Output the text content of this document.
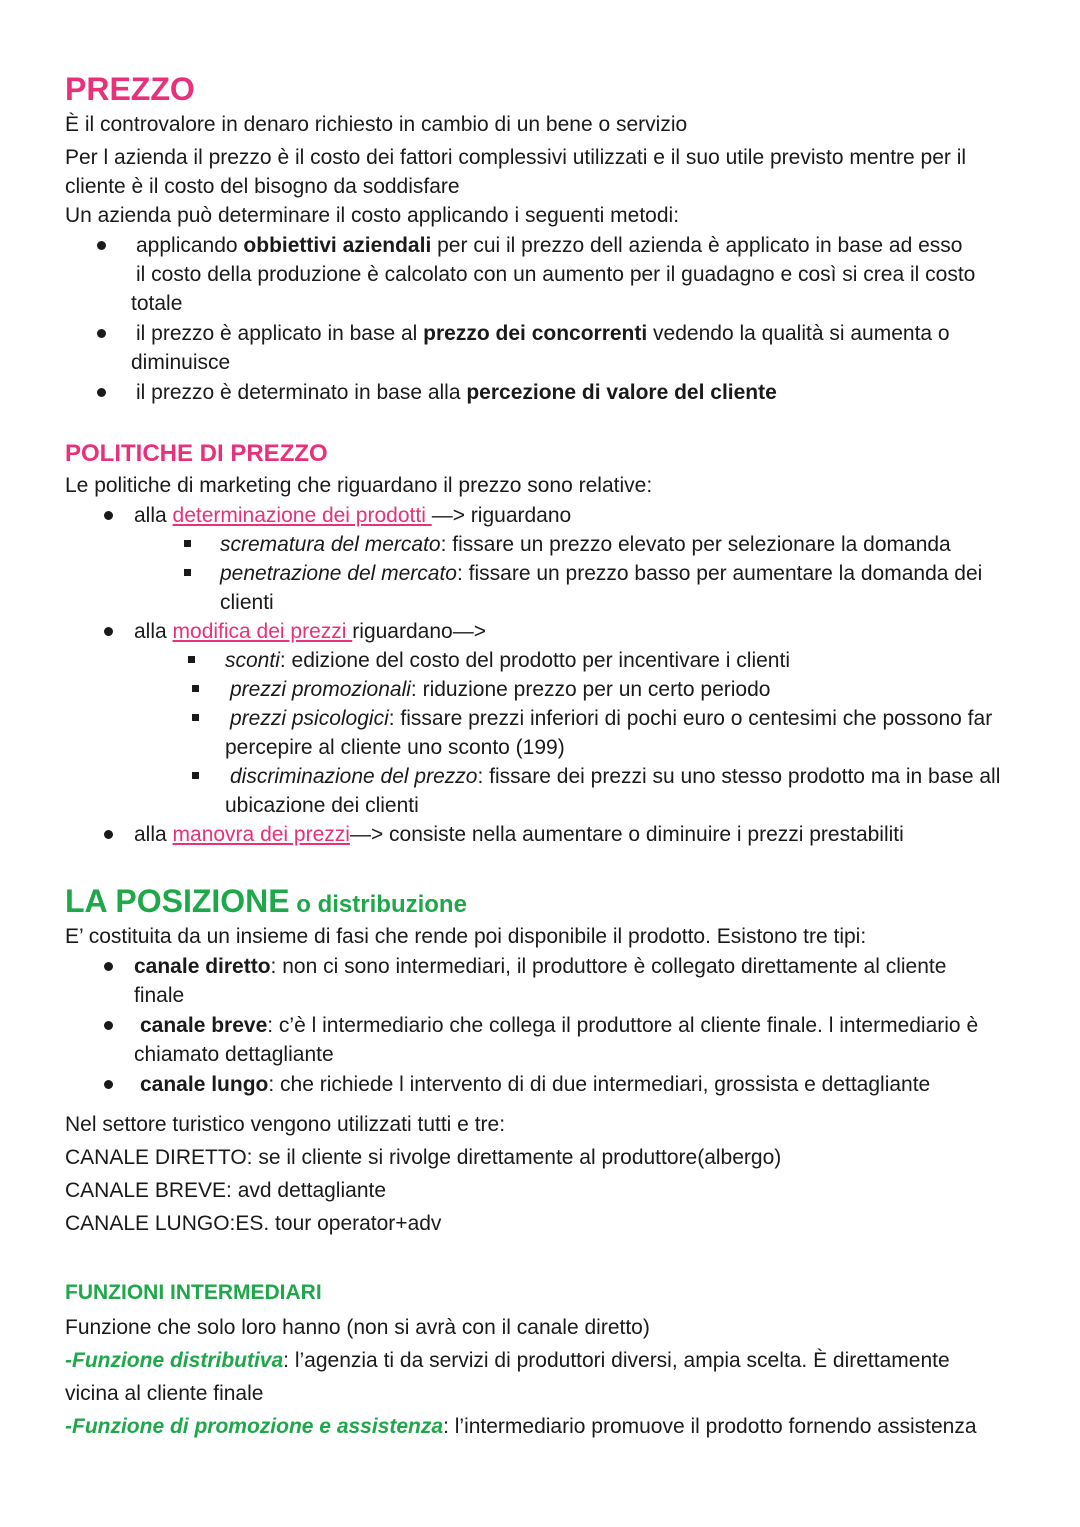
PREZZO
È il controvalore in denaro richiesto in cambio di un bene o servizio
Per l azienda il prezzo è il costo dei fattori complessivi utilizzati e il suo utile previsto mentre per il
cliente è il costo del bisogno da soddisfare
Un azienda può determinare il costo applicando i seguenti metodi:
applicando obbiettivi aziendali per cui il prezzo dell azienda è applicato in base ad esso
il costo della produzione è calcolato con un aumento per il guadagno e così si crea il costo
totale
il prezzo è applicato in base al prezzo dei concorrenti vedendo la qualità si aumenta o
diminuisce
il prezzo è determinato in base alla percezione di valore del cliente
POLITICHE DI PREZZO
Le politiche di marketing che riguardano il prezzo sono relative:
alla determinazione dei prodotti —> riguardano
scrematura del mercato: fissare un prezzo elevato per selezionare la domanda
penetrazione del mercato: fissare un prezzo basso per aumentare la domanda dei
clienti
alla modifica dei prezzi riguardano—>
sconti: edizione del costo del prodotto per incentivare i clienti
prezzi promozionali: riduzione prezzo per un certo periodo
prezzi psicologici: fissare prezzi inferiori di pochi euro o centesimi che possono far
percepire al cliente uno sconto (199)
discriminazione del prezzo: fissare dei prezzi su uno stesso prodotto ma in base all
ubicazione dei clienti
alla manovra dei prezzi—> consiste nella aumentare o diminuire i prezzi prestabiliti
LA POSIZIONE o distribuzione
E’ costituita da un insieme di fasi che rende poi disponibile il prodotto. Esistono tre tipi:
canale diretto: non ci sono intermediari, il produttore è collegato direttamente al cliente
finale
canale breve: c’è l intermediario che collega il produttore al cliente finale. l intermediario è
chiamato dettagliante
canale lungo: che richiede l intervento di di due intermediari, grossista e dettagliante
Nel settore turistico vengono utilizzati tutti e tre:
CANALE DIRETTO: se il cliente si rivolge direttamente al produttore(albergo)
CANALE BREVE: avd dettagliante
CANALE LUNGO:ES. tour operator+adv
FUNZIONI INTERMEDIARI
Funzione che solo loro hanno (non si avrà con il canale diretto)
-Funzione distributiva: l’agenzia ti da servizi di produttori diversi, ampia scelta. È direttamente
vicina al cliente finale
-Funzione di promozione e assistenza: l’intermediario promuove il prodotto fornendo assistenza
